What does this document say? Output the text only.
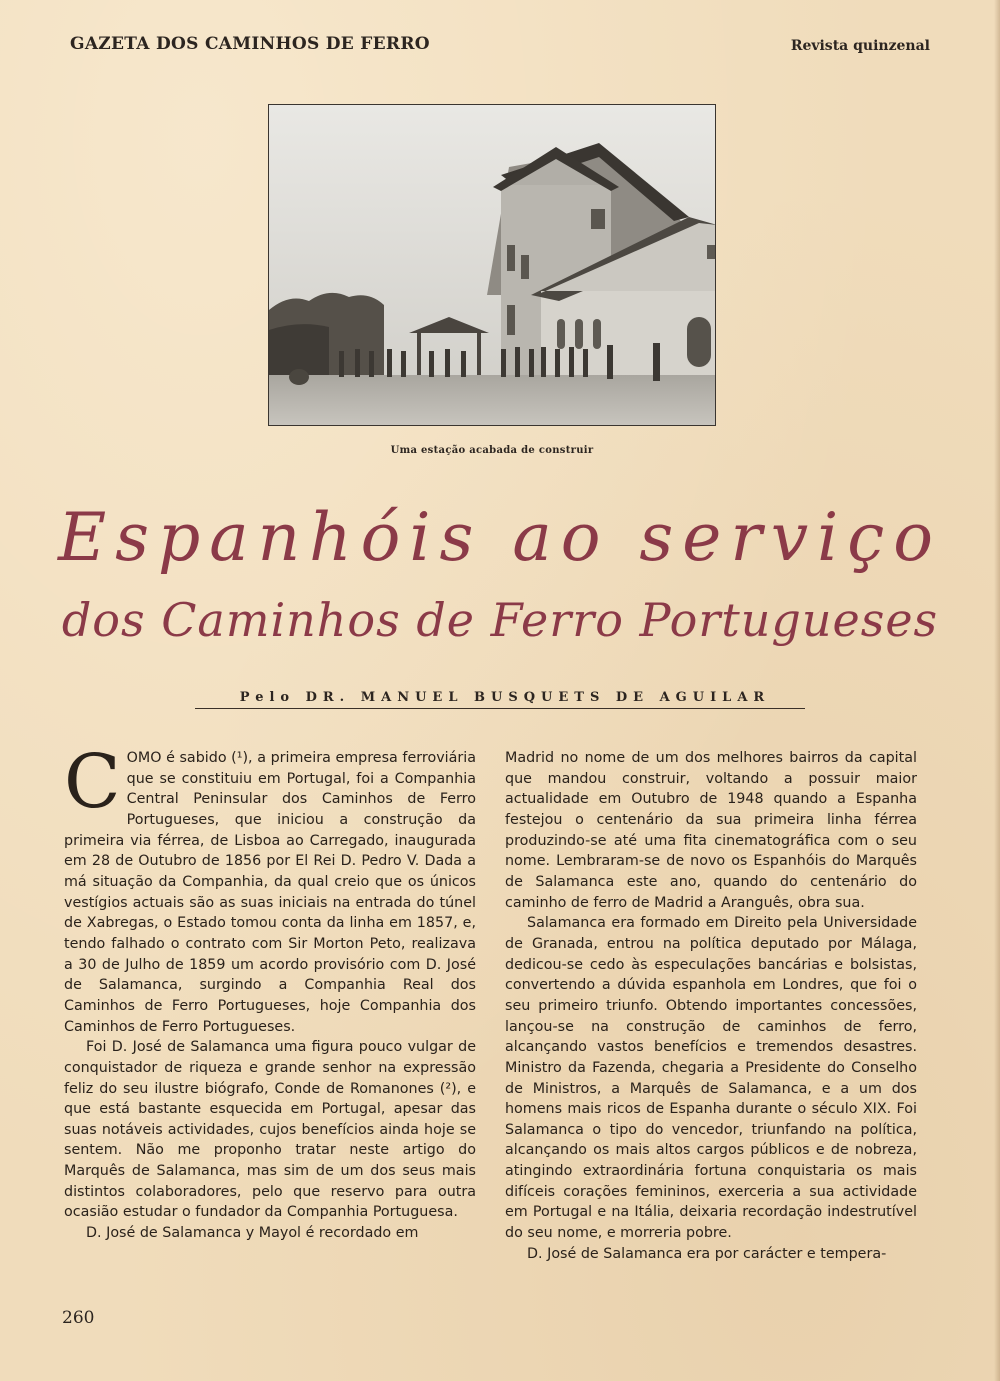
GAZETA DOS CAMINHOS DE FERRO	Revista quinzenal
Uma estação acabada de construir
Espanhóis ao serviço
dos Caminhos de Ferro Portugueses
Pelo DR. MANUEL BUSQUETS DE AGUILAR

COMO é sabido (¹), a primeira empresa ferroviária que se constituiu em Portugal, foi a Companhia Central Peninsular dos Caminhos de Ferro Portugueses, que iniciou a construção da primeira via férrea, de Lisboa ao Carregado, inaugurada em 28 de Outubro de 1856 por El Rei D. Pedro V. Dada a má situação da Companhia, da qual creio que os únicos vestígios actuais são as suas iniciais na entrada do túnel de Xabregas, o Estado tomou conta da linha em 1857, e, tendo falhado o contrato com Sir Morton Peto, realizava a 30 de Julho de 1859 um acordo provisório com D. José de Salamanca, surgindo a Companhia Real dos Caminhos de Ferro Portugueses, hoje Companhia dos Caminhos de Ferro Portugueses.

Foi D. José de Salamanca uma figura pouco vulgar de conquistador de riqueza e grande senhor na expressão feliz do seu ilustre biógrafo, Conde de Romanones (²), e que está bastante esquecida em Portugal, apesar das suas notáveis actividades, cujos benefícios ainda hoje se sentem. Não me proponho tratar neste artigo do Marquês de Salamanca, mas sim de um dos seus mais distintos colaboradores, pelo que reservo para outra ocasião estudar o fundador da Companhia Portuguesa.

D. José de Salamanca y Mayol é recordado em

Madrid no nome de um dos melhores bairros da capital que mandou construir, voltando a possuir maior actualidade em Outubro de 1948 quando a Espanha festejou o centenário da sua primeira linha férrea produzindo-se até uma fita cinematográfica com o seu nome. Lembraram-se de novo os Espanhóis do Marquês de Salamanca este ano, quando do centenário do caminho de ferro de Madrid a Aranguês, obra sua.

Salamanca era formado em Direito pela Universidade de Granada, entrou na política deputado por Málaga, dedicou-se cedo às especulações bancárias e bolsistas, convertendo a dúvida espanhola em Londres, que foi o seu primeiro triunfo. Obtendo importantes concessões, lançou-se na construção de caminhos de ferro, alcançando vastos benefícios e tremendos desastres. Ministro da Fazenda, chegaria a Presidente do Conselho de Ministros, a Marquês de Salamanca, e a um dos homens mais ricos de Espanha durante o século XIX. Foi Salamanca o tipo do vencedor, triunfando na política, alcançando os mais altos cargos públicos e de nobreza, atingindo extraordinária fortuna conquistaria os mais difíceis corações femininos, exerceria a sua actividade em Portugal e na Itália, deixaria recordação indestrutível do seu nome, e morreria pobre.

D. José de Salamanca era por carácter e tempera-

260
